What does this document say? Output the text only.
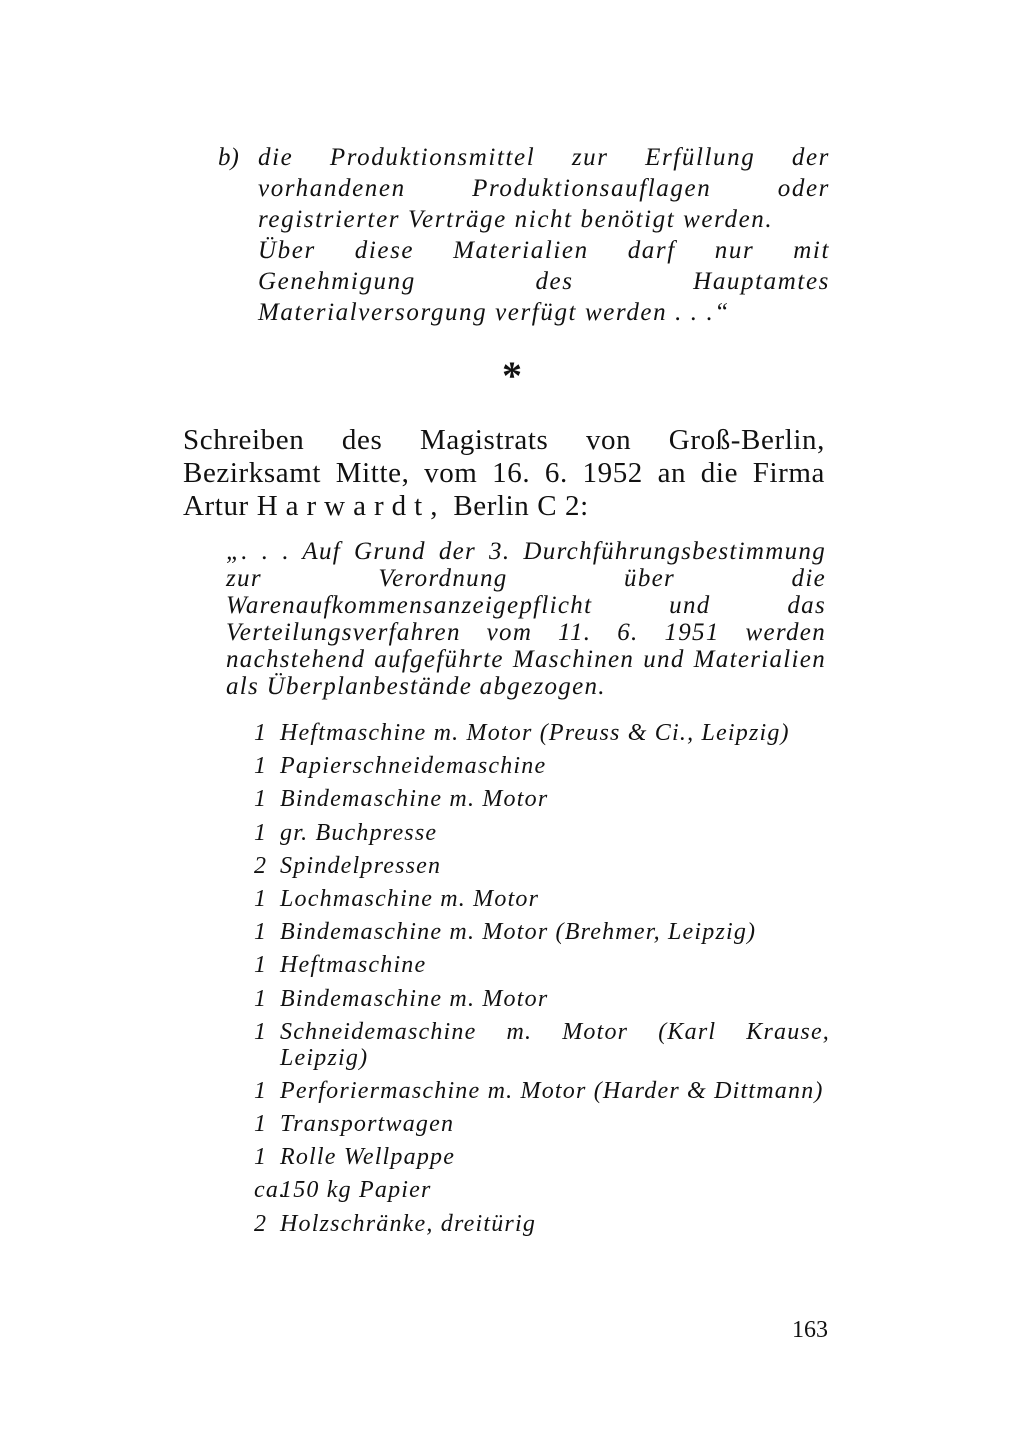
b) die Produktionsmittel zur Erfüllung der vorhandenen Produktionsauflagen oder registrierter Verträge nicht benötigt werden.

Über diese Materialien darf nur mit Genehmigung des Hauptamtes Materialversorgung verfügt werden . . .“

*

Schreiben des Magistrats von Groß-Berlin,

Bezirksamt Mitte, vom 16. 6. 1952 an die Firma

Artur Harwardt, Berlin C 2:

„. . . Auf Grund der 3. Durchführungsbestimmung zur Verordnung über die Warenaufkommensanzeigepflicht und das Verteilungsverfahren vom 11. 6. 1951 werden nachstehend aufgeführte Maschinen und Materialien als Überplanbestände abgezogen.
1 Heftmaschine m. Motor (Preuss & Ci., Leipzig)
1 Papierschneidemaschine
1 Bindemaschine m. Motor
1 gr. Buchpresse
2 Spindelpressen
1 Lochmaschine m. Motor
1 Bindemaschine m. Motor (Brehmer, Leipzig)
1 Heftmaschine
1 Bindemaschine m. Motor
1 Schneidemaschine m. Motor (Karl Krause, Leipzig)
1 Perforiermaschine m. Motor (Harder & Dittmann)
1 Transportwagen
1 Rolle Wellpappe
ca.
150 kg Papier
2 Holzschränke, dreitürig
163
